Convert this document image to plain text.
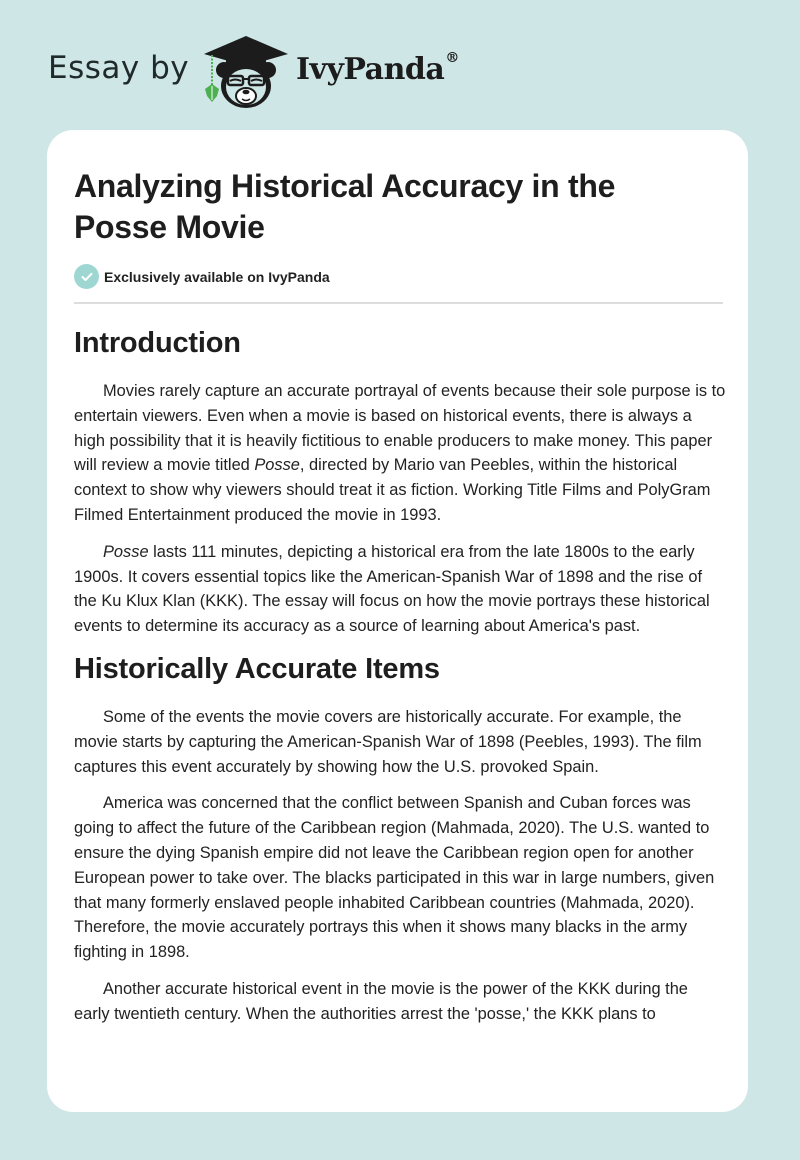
Essay by	IvyPanda®
Analyzing Historical Accuracy in the Posse Movie
Exclusively available on IvyPanda
Introduction

Movies rarely capture an accurate portrayal of events because their sole purpose is to entertain viewers. Even when a movie is based on historical events, there is always a high possibility that it is heavily fictitious to enable producers to make money. This paper will review a movie titled Posse, directed by Mario van Peebles, within the historical context to show why viewers should treat it as fiction. Working Title Films and PolyGram Filmed Entertainment produced the movie in 1993.

Posse lasts 111 minutes, depicting a historical era from the late 1800s to the early 1900s. It covers essential topics like the American-Spanish War of 1898 and the rise of the Ku Klux Klan (KKK). The essay will focus on how the movie portrays these historical events to determine its accuracy as a source of learning about America's past.

Historically Accurate Items

Some of the events the movie covers are historically accurate. For example, the movie starts by capturing the American-Spanish War of 1898 (Peebles, 1993). The film captures this event accurately by showing how the U.S. provoked Spain.

America was concerned that the conflict between Spanish and Cuban forces was going to affect the future of the Caribbean region (Mahmada, 2020). The U.S. wanted to ensure the dying Spanish empire did not leave the Caribbean region open for another European power to take over. The blacks participated in this war in large numbers, given that many formerly enslaved people inhabited Caribbean countries (Mahmada, 2020). Therefore, the movie accurately portrays this when it shows many blacks in the army fighting in 1898.

Another accurate historical event in the movie is the power of the KKK during the early twentieth century. When the authorities arrest the 'posse,' the KKK plans to
